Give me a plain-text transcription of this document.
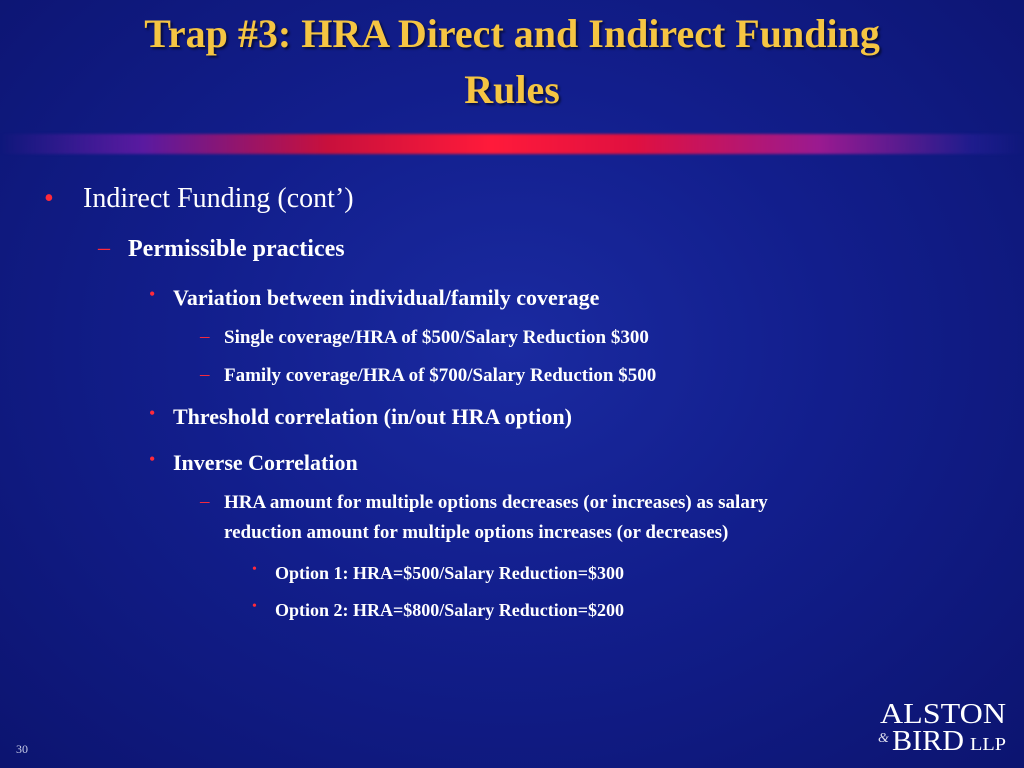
Trap #3: HRA Direct and Indirect Funding
Rules
• Indirect Funding (cont’)
– Permissible practices
• Variation between individual/family coverage
– Single coverage/HRA of $500/Salary Reduction $300
– Family coverage/HRA of $700/Salary Reduction $500
• Threshold correlation (in/out HRA option)
• Inverse Correlation
– HRA amount for multiple options decreases (or increases) as salary
reduction amount for multiple options increases (or decreases)
• Option 1: HRA=$500/Salary Reduction=$300
• Option 2: HRA=$800/Salary Reduction=$200
30
ALSTON
& BIRD LLP
